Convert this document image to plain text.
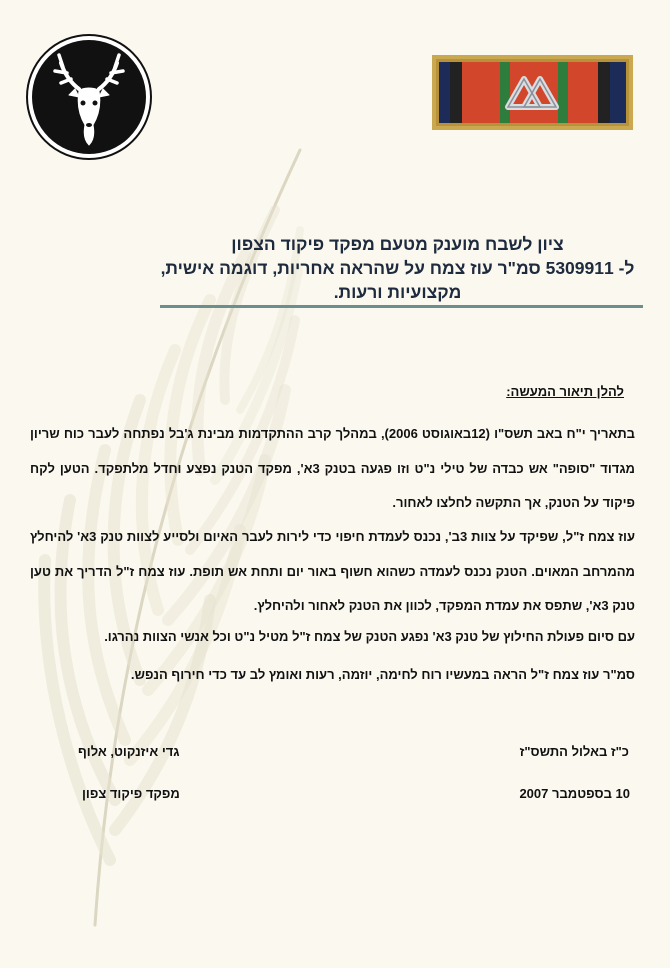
ציון לשבח מוענק מטעם מפקד פיקוד הצפון

ל- 5309911 סמ"ר עוז צמח על שהראה אחריות, דוגמה אישית,

מקצועיות ורעות.

להלן תיאור המעשה:

בתאריך י"ח באב תשס"ו (12באוגוסט 2006), במהלך קרב ההתקדמות מבינת ג'בל נפתחה לעבר כוח שריון מגדוד "סופה" אש כבדה של טילי נ"ט וזו פגעה בטנק 3א', מפקד הטנק נפצע וחדל מלתפקד. הטען לקח פיקוד על הטנק, אך התקשה לחלצו לאחור.

עוז צמח ז"ל, שפיקד על צוות 3ב', נכנס לעמדת חיפוי כדי לירות לעבר האיום ולסייע לצוות טנק 3א' להיחלץ מהמרחב המאוים. הטנק נכנס לעמדה כשהוא חשוף באור יום ותחת אש תופת. עוז צמח ז"ל הדריך את טען טנק 3א', שתפס את עמדת המפקד, לכוון את הטנק לאחור ולהיחלץ.

עם סיום פעולת החילוץ של טנק 3א' נפגע הטנק של צמח ז"ל מטיל נ"ט וכל אנשי הצוות נהרגו.

סמ"ר עוז צמח ז"ל הראה במעשיו רוח לחימה, יוזמה, רעות ואומץ לב עד כדי חירוף הנפש.

כ"ז באלול התשס"ז
גדי איזנקוט, אלוף
10 בספטמבר 2007
מפקד פיקוד צפון
